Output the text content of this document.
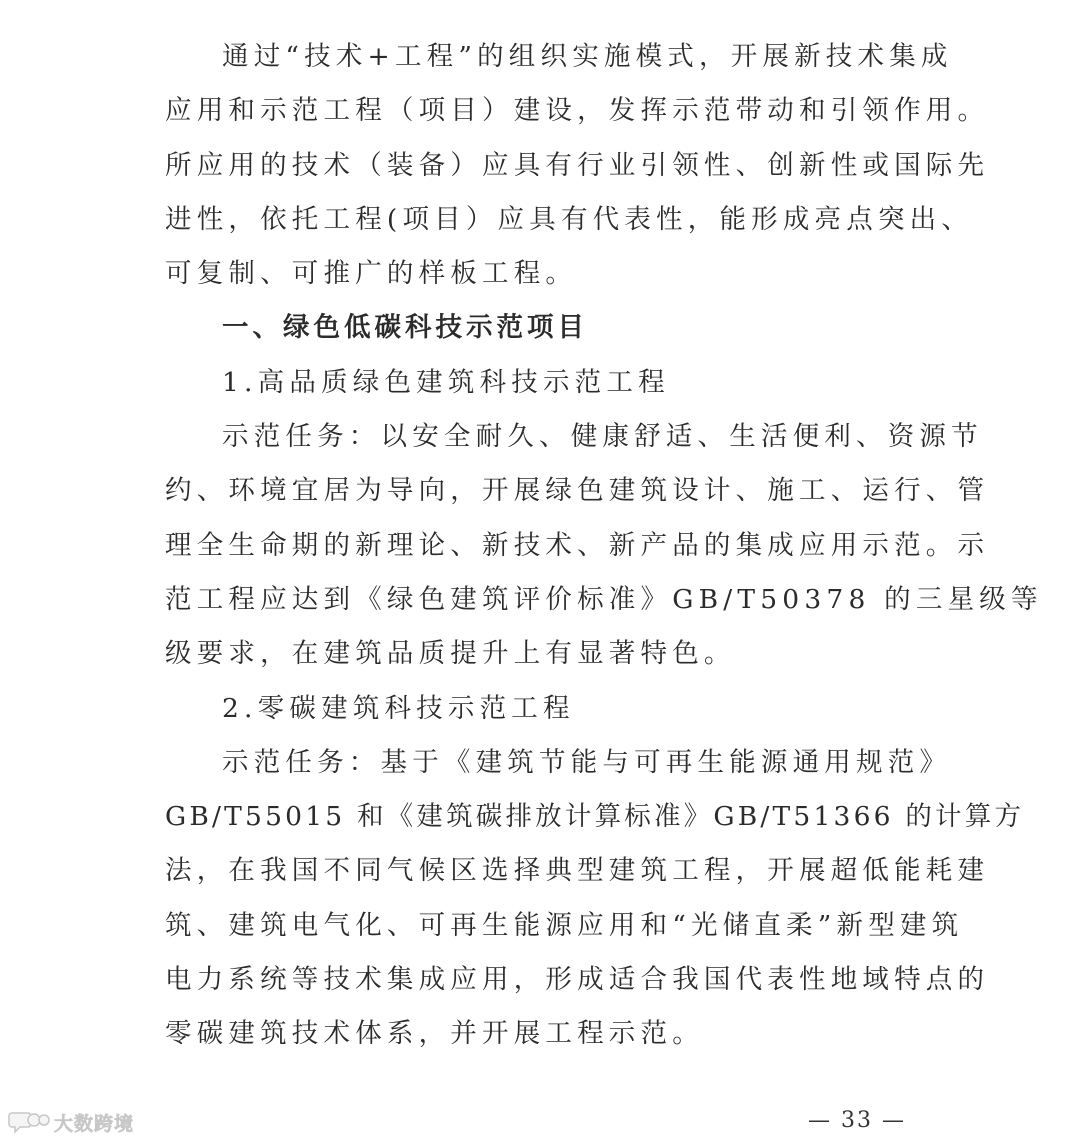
通过“技术+工程”的组织实施模式，开展新技术集成
应用和示范工程（项目）建设，发挥示范带动和引领作用。
所应用的技术（装备）应具有行业引领性、创新性或国际先
进性，依托工程(项目）应具有代表性，能形成亮点突出、
可复制、可推广的样板工程。
一、绿色低碳科技示范项目
1.高品质绿色建筑科技示范工程
示范任务：以安全耐久、健康舒适、生活便利、资源节
约、环境宜居为导向，开展绿色建筑设计、施工、运行、管
理全生命期的新理论、新技术、新产品的集成应用示范。示
范工程应达到《绿色建筑评价标准》GB/T50378 的三星级等
级要求，在建筑品质提升上有显著特色。
2.零碳建筑科技示范工程
示范任务：基于《建筑节能与可再生能源通用规范》
GB/T55015 和《建筑碳排放计算标准》GB/T51366 的计算方
法，在我国不同气候区选择典型建筑工程，开展超低能耗建
筑、建筑电气化、可再生能源应用和“光储直柔”新型建筑
电力系统等技术集成应用，形成适合我国代表性地域特点的
零碳建筑技术体系，并开展工程示范。
大数跨境	— 33 —
